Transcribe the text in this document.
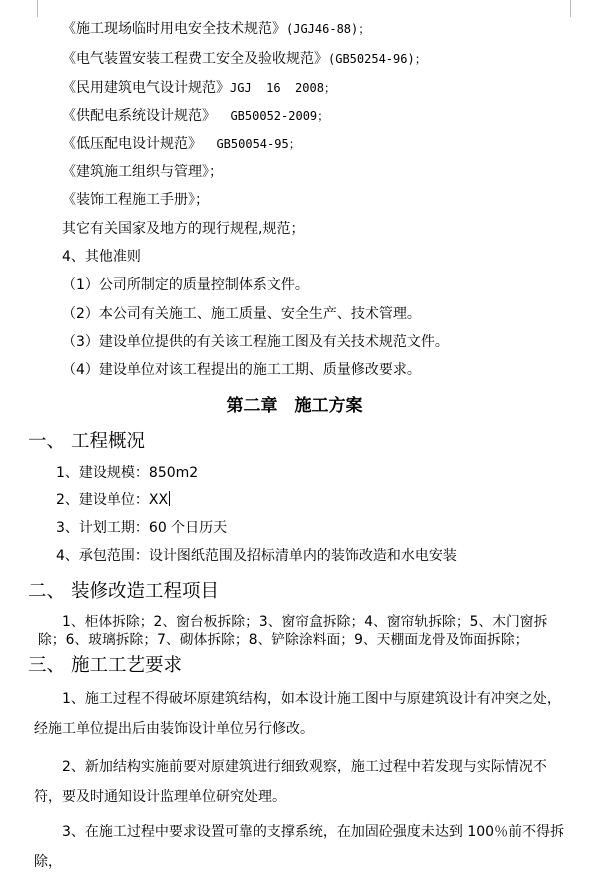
《施工现场临时用电安全技术规范》(JGJ46-88)；
《电气装置安装工程费工安全及验收规范》(GB50254-96)；
《民用建筑电气设计规范》JGJ  16  2008；
《供配电系统设计规范》  GB50052-2009；
《低压配电设计规范》  GB50054-95；
《建筑施工组织与管理》；
《装饰工程施工手册》；
其它有关国家及地方的现行规程,规范；
4、其他准则
（1）公司所制定的质量控制体系文件。
（2）本公司有关施工、施工质量、安全生产、技术管理。
（3）建设单位提供的有关该工程施工图及有关技术规范文件。
（4）建设单位对该工程提出的施工工期、质量修改要求。
第二章　施工方案
一、 工程概况
1、建设规模：850m2
2、建设单位：XX
3、计划工期：60 个日历天
4、承包范围：设计图纸范围及招标清单内的装饰改造和水电安装
二、 装修改造工程项目
1、柜体拆除；2、窗台板拆除；3、窗帘盒拆除；4、窗帘轨拆除；5、木门窗拆
除；6、玻璃拆除；7、砌体拆除；8、铲除涂料面；9、天棚面龙骨及饰面拆除；
三、 施工工艺要求
1、施工过程不得破坏原建筑结构，如本设计施工图中与原建筑设计有冲突之处，经施工单位提出后由装饰设计单位另行修改。
2、新加结构实施前要对原建筑进行细致观察，施工过程中若发现与实际情况不符，要及时通知设计监理单位研究处理。
3、在施工过程中要求设置可靠的支撑系统，在加固砼强度未达到 100％前不得拆除，
